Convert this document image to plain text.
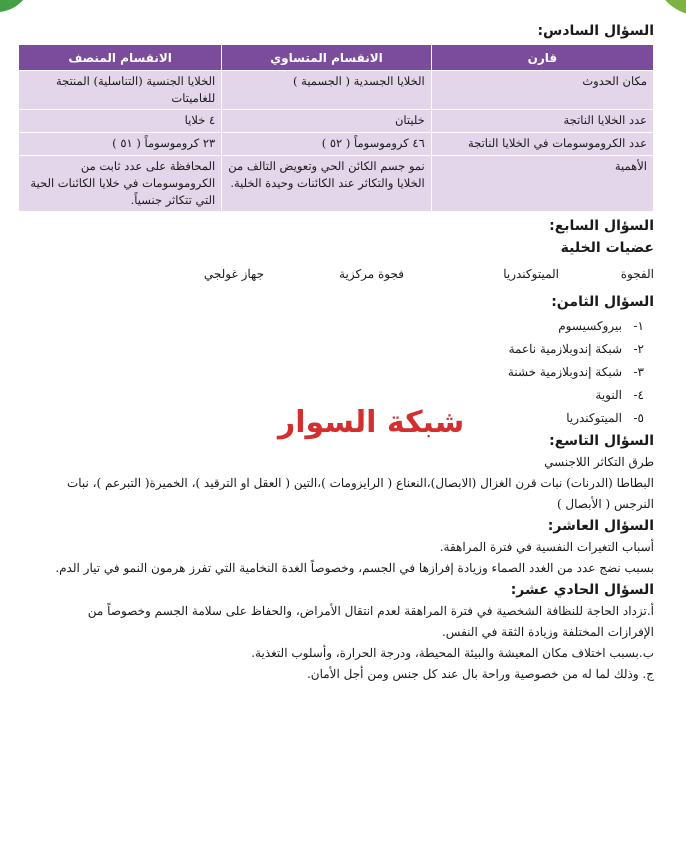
السؤال السادس:
قارن	الانقسام المتساوي	الانقسام المنصف
مكان الحدوث	الخلايا الجسدية ( الجسمية )	الخلايا الجنسية (التناسلية) المنتجة للغاميتات
عدد الخلايا الناتجة	خليتان	٤ خلايا
عدد الكروموسومات في الخلايا الناتجة	٤٦ كروموسوماً ( ٥٢ )	٢٣ كروموسوماً ( ٥١ )
الأهمية	نمو جسم الكائن الحي وتعويض التالف من الخلايا والتكاثر عند الكائنات وحيدة الخلية.	المحافظة على عدد ثابت من الكروموسومات في خلايا الكائنات الحية التي تتكاثر جنسياً.
السؤال السابع:
عضيات الخلية
الفجوة
الميتوكندريا
فجوة مركزية
جهاز غولجي
السؤال الثامن:
١-بيروكسيسوم
٢-شبكة إندوبلازمية ناعمة
٣-شبكة إندوبلازمية خشنة
٤-النوية
٥-الميتوكندريا
السؤال التاسع:

طرق التكاثر اللاجنسي

البطاطا (الدرنات) نبات قرن الغزال (الابصال)،النعناع ( الرايزومات )،التين ( العقل او الترقيد )، الخميرة( التبرعم )، نبات

النرجس ( الأبصال )

السؤال العاشر:

أسباب التغيرات النفسية في فترة المراهقة.

بسبب نضج عدد من الغدد الصماء وزيادة إفرازها في الجسم، وخصوصاً الغدة النخامية التي تفرز هرمون النمو في تيار الدم.

السؤال الحادي عشر:

أ.تزداد الحاجة للنظافة الشخصية في فترة المراهقة لعدم انتقال الأمراض، والحفاظ على سلامة الجسم وخصوصاً من

الإفرازات المختلفة وزيادة الثقة في النفس.

ب.بسبب اختلاف مكان المعيشة والبيئة المحيطة، ودرجة الحرارة، وأسلوب التغذية.

ج. وذلك لما له من خصوصية وراحة بال عند كل جنس ومن أجل الأمان.

شبكة السوار
